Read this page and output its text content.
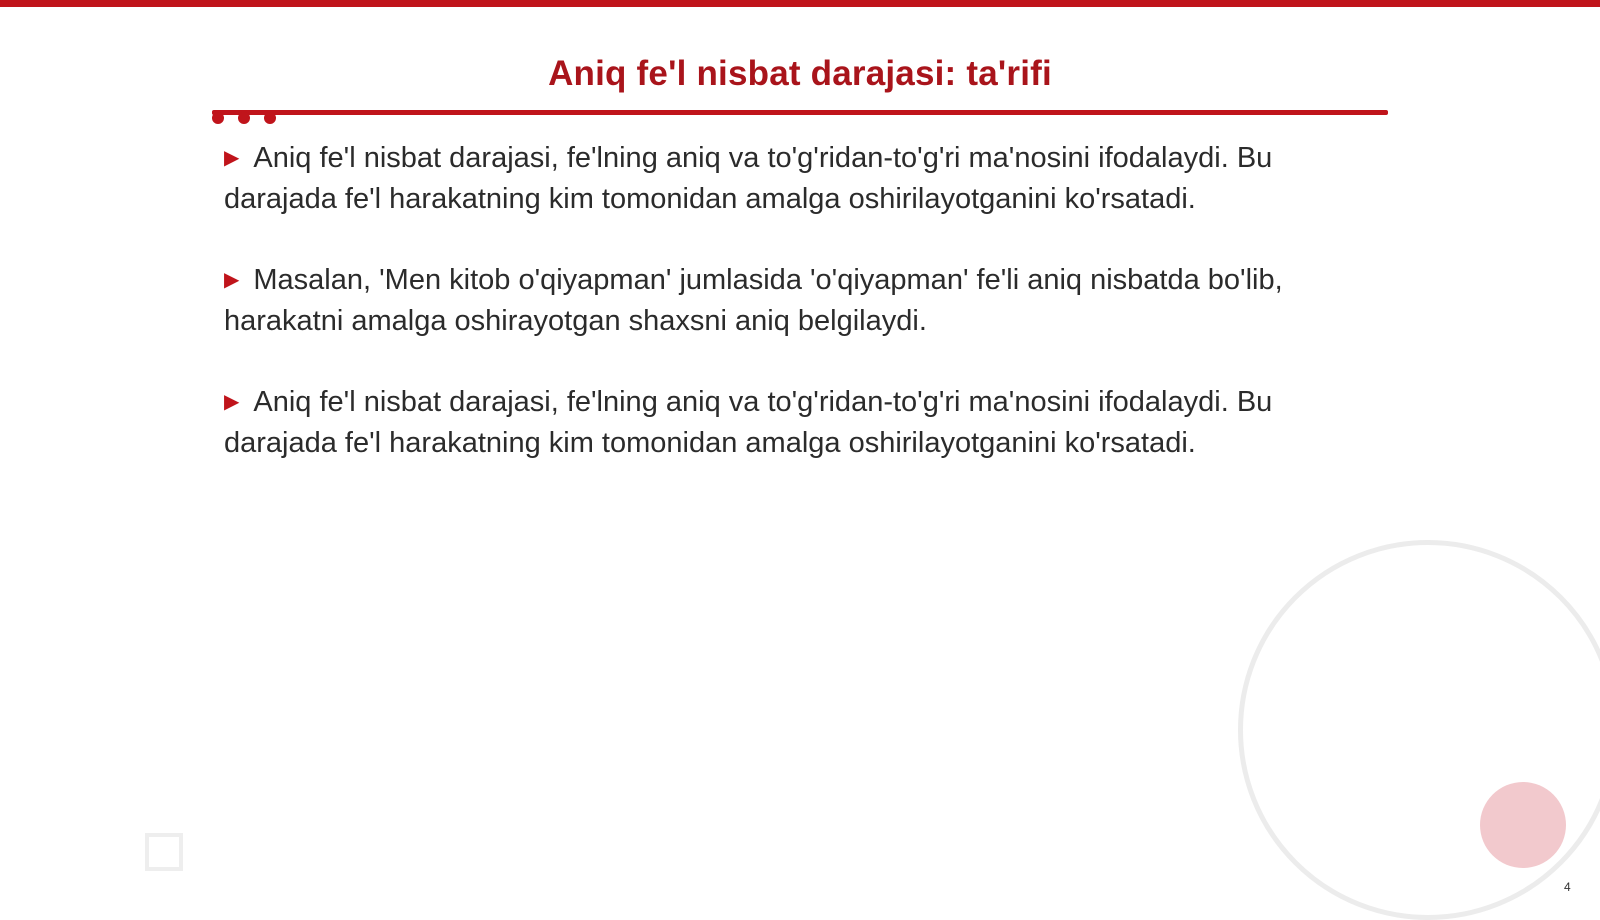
Aniq fe'l nisbat darajasi: ta'rifi

▶ Aniq fe'l nisbat darajasi, fe'lning aniq va to'g'ridan-to'g'ri ma'nosini ifodalaydi. Bu darajada fe'l harakatning kim tomonidan amalga oshirilayotganini ko'rsatadi.

▶ Masalan, 'Men kitob o'qiyapman' jumlasida 'o'qiyapman' fe'li aniq nisbatda bo'lib, harakatni amalga oshirayotgan shaxsni aniq belgilaydi.

▶ Aniq fe'l nisbat darajasi, fe'lning aniq va to'g'ridan-to'g'ri ma'nosini ifodalaydi. Bu darajada fe'l harakatning kim tomonidan amalga oshirilayotganini ko'rsatadi.

4
